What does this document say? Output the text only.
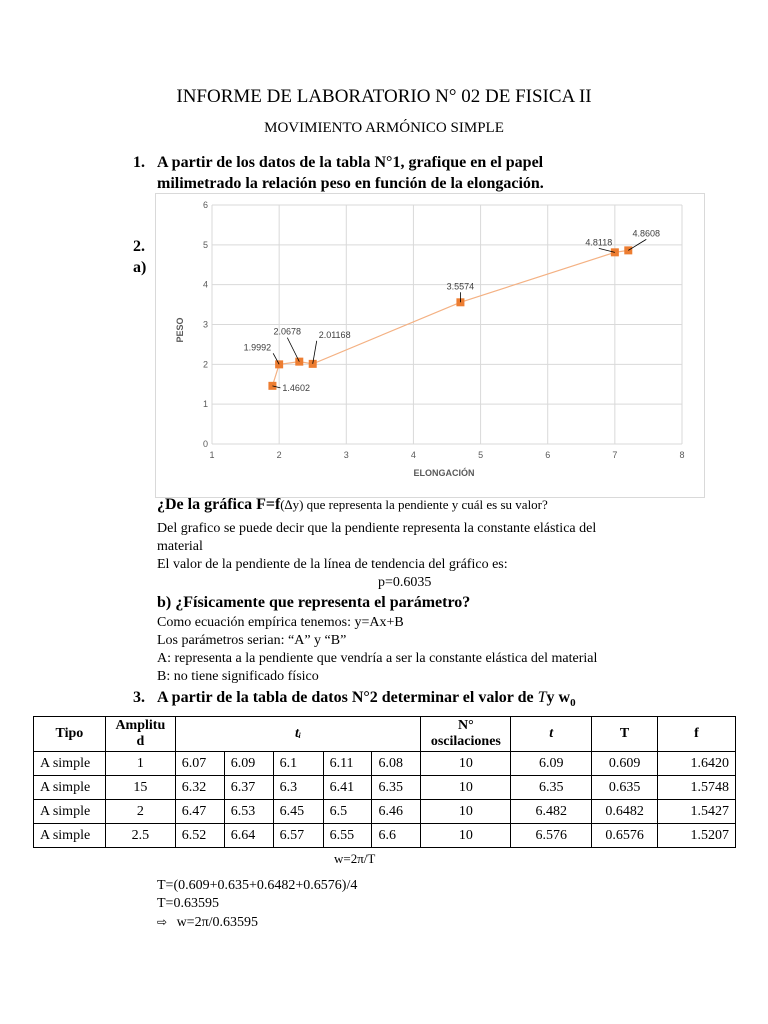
INFORME DE LABORATORIO N° 02 DE FISICA II
MOVIMIENTO ARMÓNICO SIMPLE
1. A partir de los datos de la tabla N°1, grafique en el papel
milimetrado la relación peso en función de la elongación.
2.
a)
1	2	3	4	5	6	7	8
0
1
2
3
4
5
6
1.4602
1.9992
2.0678 2.01168
3.5574
4.8118
4.8608
ELONGACIÓN
PESO
¿De la gráfica F=f(∆y) que representa la pendiente y cuál es su valor?
Del grafico se puede decir que la pendiente representa la constante elástica del
material
El valor de la pendiente de la línea de tendencia del gráfico es:
p=0.6035
b) ¿Físicamente que representa el parámetro?
Como ecuación empírica tenemos: y=Ax+B
Los parámetros serian: “A” y “B”
A: representa a la pendiente que vendría a ser la constante elástica del material
B: no tiene significado físico
3. A partir de la tabla de datos N°2 determinar el valor de Ty $w_0$
Tipo	Amplitu
d	tᵢ					N°
oscilaciones	t	T	f
A simple	1	6.07	6.09	6.1	6.11	6.08	10	6.09	0.609	1.6420
A simple	15	6.32	6.37	6.3	6.41	6.35	10	6.35	0.635	1.5748
A simple	2	6.47	6.53	6.45	6.5	6.46	10	6.482	0.6482	1.5427
A simple	2.5	6.52	6.64	6.57	6.55	6.6	10	6.576	0.6576	1.5207
w=2π/T
T=(0.609+0.635+0.6482+0.6576)/4
T=0.63595
⇨ w=2π/0.63595
